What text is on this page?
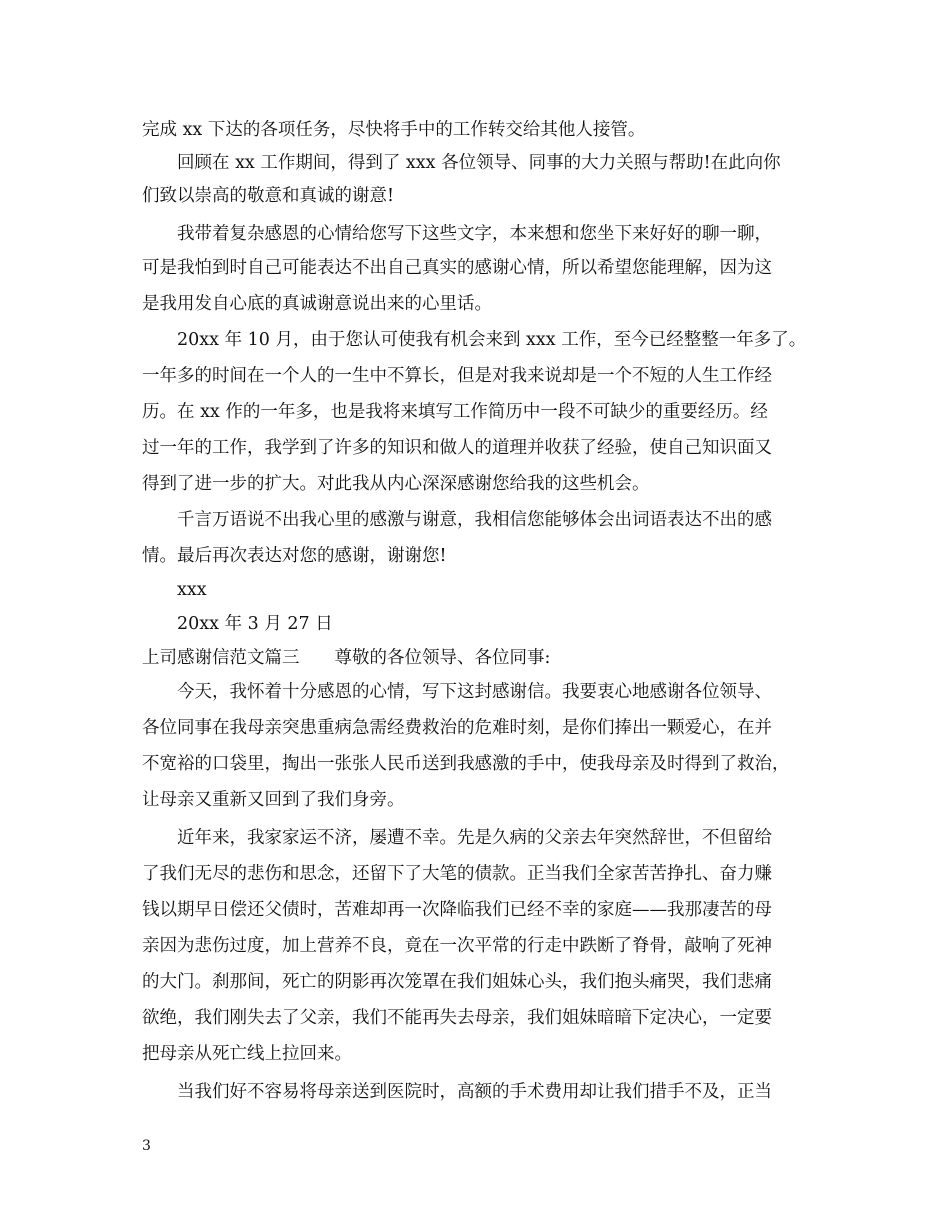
完成 xx 下达的各项任务，尽快将手中的工作转交给其他人接管。
回顾在 xx 工作期间，得到了 xxx 各位领导、同事的大力关照与帮助!在此向你
们致以崇高的敬意和真诚的谢意!
我带着复杂感恩的心情给您写下这些文字，本来想和您坐下来好好的聊一聊，
可是我怕到时自己可能表达不出自己真实的感谢心情，所以希望您能理解，因为这
是我用发自心底的真诚谢意说出来的心里话。
20xx 年 10 月，由于您认可使我有机会来到 xxx 工作，至今已经整整一年多了。
一年多的时间在一个人的一生中不算长，但是对我来说却是一个不短的人生工作经
历。在 xx 作的一年多，也是我将来填写工作简历中一段不可缺少的重要经历。经
过一年的工作，我学到了许多的知识和做人的道理并收获了经验，使自己知识面又
得到了进一步的扩大。对此我从内心深深感谢您给我的这些机会。
千言万语说不出我心里的感激与谢意，我相信您能够体会出词语表达不出的感
情。最后再次表达对您的感谢，谢谢您!
xxx
20xx 年 3 月 27 日
上司感谢信范文篇三　　尊敬的各位领导、各位同事:
今天，我怀着十分感恩的心情，写下这封感谢信。我要衷心地感谢各位领导、
各位同事在我母亲突患重病急需经费救治的危难时刻，是你们捧出一颗爱心，在并
不宽裕的口袋里，掏出一张张人民币送到我感激的手中，使我母亲及时得到了救治，
让母亲又重新又回到了我们身旁。
近年来，我家家运不济，屡遭不幸。先是久病的父亲去年突然辞世，不但留给
了我们无尽的悲伤和思念，还留下了大笔的债款。正当我们全家苦苦挣扎、奋力赚
钱以期早日偿还父债时，苦难却再一次降临我们已经不幸的家庭——我那凄苦的母
亲因为悲伤过度，加上营养不良，竟在一次平常的行走中跌断了脊骨，敲响了死神
的大门。刹那间，死亡的阴影再次笼罩在我们姐妹心头，我们抱头痛哭，我们悲痛
欲绝，我们刚失去了父亲，我们不能再失去母亲，我们姐妹暗暗下定决心，一定要
把母亲从死亡线上拉回来。
当我们好不容易将母亲送到医院时，高额的手术费用却让我们措手不及，正当
3
